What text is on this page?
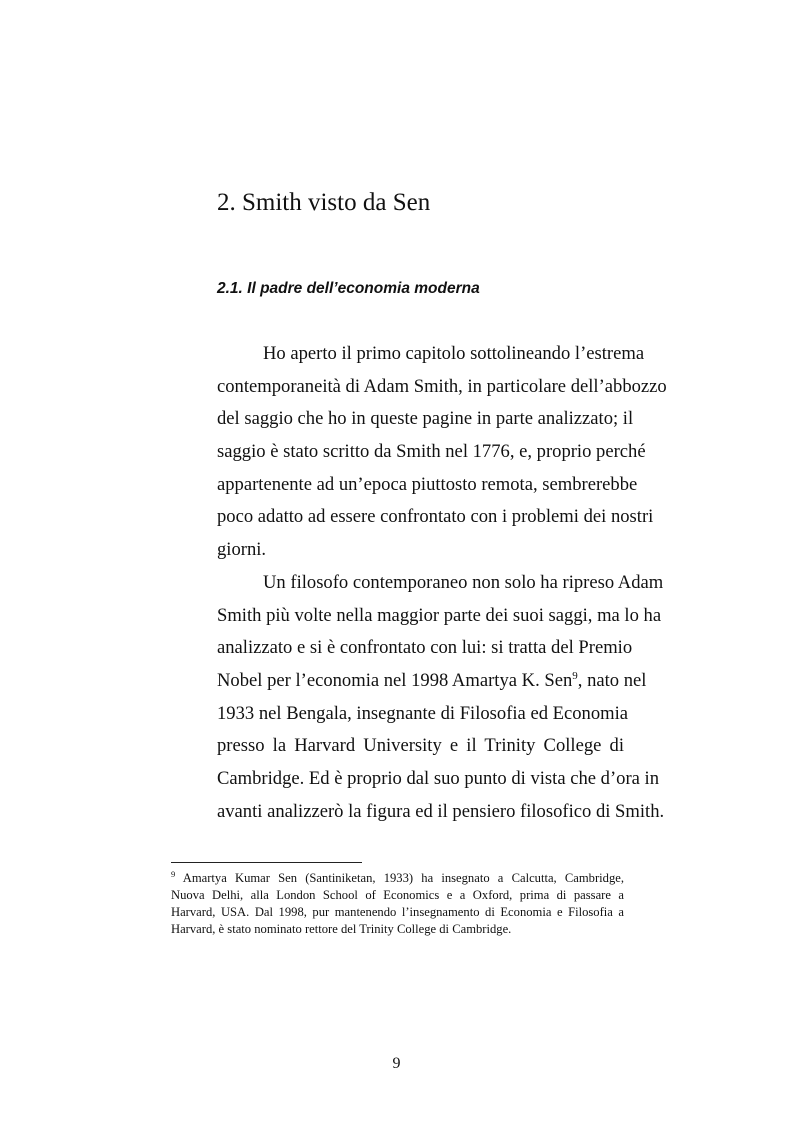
2. Smith visto da Sen
2.1. Il padre dell’economia moderna
Ho aperto il primo capitolo sottolineando l’estrema
contemporaneità di Adam Smith, in particolare dell’abbozzo
del saggio che ho in queste pagine in parte analizzato; il
saggio è stato scritto da Smith nel 1776, e, proprio perché
appartenente ad un’epoca piuttosto remota, sembrerebbe
poco adatto ad essere confrontato con i problemi dei nostri
giorni.
Un filosofo contemporaneo non solo ha ripreso Adam
Smith più volte nella maggior parte dei suoi saggi, ma lo ha
analizzato e si è confrontato con lui: si tratta del Premio
Nobel per l’economia nel 1998 Amartya K. Sen$^9$, nato nel
1933 nel Bengala, insegnante di Filosofia ed Economia
presso la Harvard University e il Trinity College di
Cambridge. Ed è proprio dal suo punto di vista che d’ora in
avanti analizzerò la figura ed il pensiero filosofico di Smith.
$^9$ Amartya Kumar Sen (Santiniketan, 1933) ha insegnato a Calcutta, Cambridge,
Nuova Delhi, alla London School of Economics e a Oxford, prima di passare a
Harvard, USA. Dal 1998, pur mantenendo l’insegnamento di Economia e Filosofia a
Harvard, è stato nominato rettore del Trinity College di Cambridge.
9
